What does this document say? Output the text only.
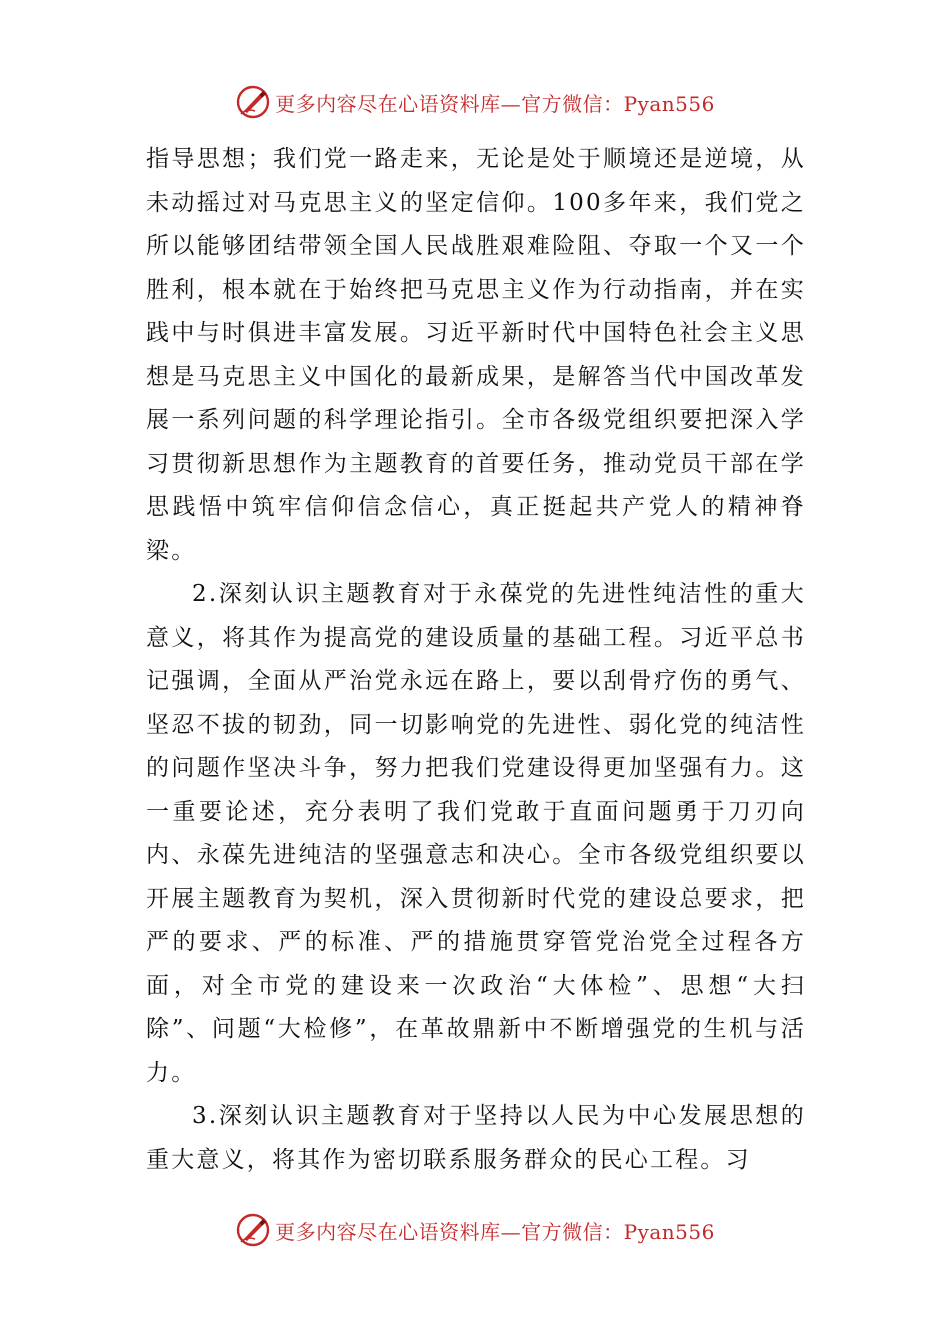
更多内容尽在心语资料库—官方微信：Pyan556

指导思想；我们党一路走来，无论是处于顺境还是逆境，从未动摇过对马克思主义的坚定信仰。100多年来，我们党之所以能够团结带领全国人民战胜艰难险阻、夺取一个又一个胜利，根本就在于始终把马克思主义作为行动指南，并在实践中与时俱进丰富发展。习近平新时代中国特色社会主义思想是马克思主义中国化的最新成果，是解答当代中国改革发展一系列问题的科学理论指引。全市各级党组织要把深入学习贯彻新思想作为主题教育的首要任务，推动党员干部在学思践悟中筑牢信仰信念信心，真正挺起共产党人的精神脊梁。

2.深刻认识主题教育对于永葆党的先进性纯洁性的重大意义，将其作为提高党的建设质量的基础工程。习近平总书记强调，全面从严治党永远在路上，要以刮骨疗伤的勇气、坚忍不拔的韧劲，同一切影响党的先进性、弱化党的纯洁性的问题作坚决斗争，努力把我们党建设得更加坚强有力。这一重要论述，充分表明了我们党敢于直面问题勇于刀刃向内、永葆先进纯洁的坚强意志和决心。全市各级党组织要以开展主题教育为契机，深入贯彻新时代党的建设总要求，把严的要求、严的标准、严的措施贯穿管党治党全过程各方面，对全市党的建设来一次政治“大体检”、思想“大扫除”、问题“大检修”，在革故鼎新中不断增强党的生机与活力。

3.深刻认识主题教育对于坚持以人民为中心发展思想的重大意义，将其作为密切联系服务群众的民心工程。习

更多内容尽在心语资料库—官方微信：Pyan556
